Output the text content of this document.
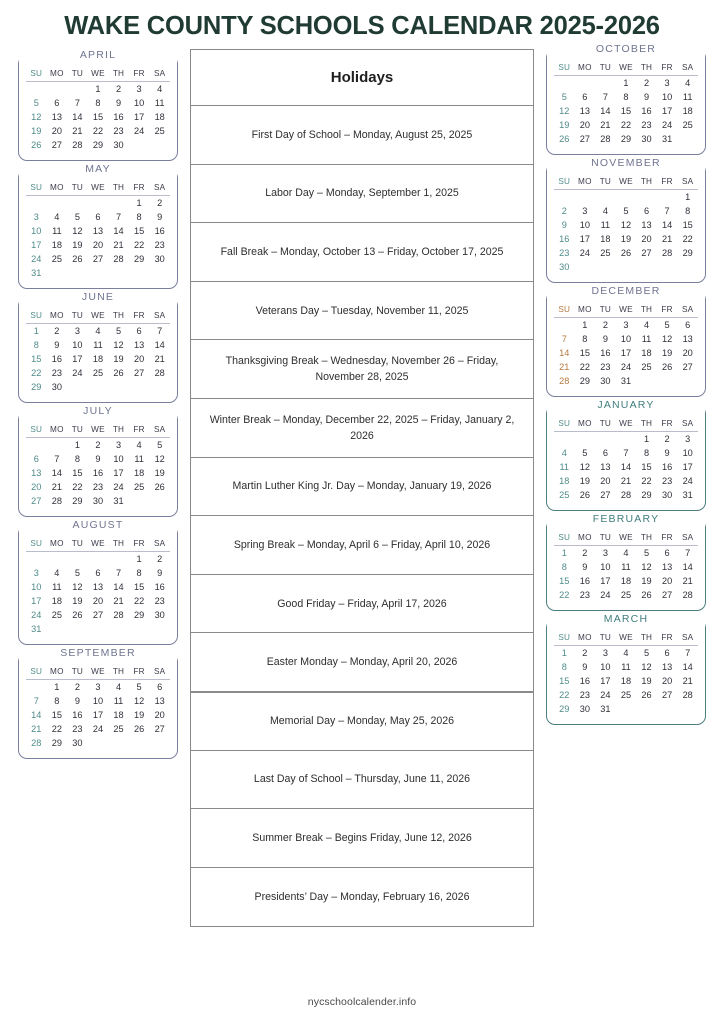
WAKE COUNTY SCHOOLS CALENDAR 2025-2026
APRIL
SU	MO	TU	WE	TH	FR	SA
			1	2	3	4
5	6	7	8	9	10	11
12	13	14	15	16	17	18
19	20	21	22	23	24	25
26	27	28	29	30		
MAY
SU	MO	TU	WE	TH	FR	SA
					1	2
3	4	5	6	7	8	9
10	11	12	13	14	15	16
17	18	19	20	21	22	23
24	25	26	27	28	29	30
31						
JUNE
SU	MO	TU	WE	TH	FR	SA
1	2	3	4	5	6	7
8	9	10	11	12	13	14
15	16	17	18	19	20	21
22	23	24	25	26	27	28
29	30					
JULY
SU	MO	TU	WE	TH	FR	SA
		1	2	3	4	5
6	7	8	9	10	11	12
13	14	15	16	17	18	19
20	21	22	23	24	25	26
27	28	29	30	31		
AUGUST
SU	MO	TU	WE	TH	FR	SA
					1	2
3	4	5	6	7	8	9
10	11	12	13	14	15	16
17	18	19	20	21	22	23
24	25	26	27	28	29	30
31						
SEPTEMBER
SU	MO	TU	WE	TH	FR	SA
	1	2	3	4	5	6
7	8	9	10	11	12	13
14	15	16	17	18	19	20
21	22	23	24	25	26	27
28	29	30				
Holidays
First Day of School – Monday, August 25, 2025
Labor Day – Monday, September 1, 2025
Fall Break – Monday, October 13 – Friday, October 17, 2025
Veterans Day – Tuesday, November 11, 2025
Thanksgiving Break – Wednesday, November 26 – Friday, November 28, 2025
Winter Break – Monday, December 22, 2025 – Friday, January 2, 2026
Martin Luther King Jr. Day – Monday, January 19, 2026
Spring Break – Monday, April 6 – Friday, April 10, 2026
Good Friday – Friday, April 17, 2026
Easter Monday – Monday, April 20, 2026
Memorial Day – Monday, May 25, 2026
Last Day of School – Thursday, June 11, 2026
Summer Break – Begins Friday, June 12, 2026
Presidents’ Day – Monday, February 16, 2026
OCTOBER
SU	MO	TU	WE	TH	FR	SA
			1	2	3	4
5	6	7	8	9	10	11
12	13	14	15	16	17	18
19	20	21	22	23	24	25
26	27	28	29	30	31	
NOVEMBER
SU	MO	TU	WE	TH	FR	SA
						1
2	3	4	5	6	7	8
9	10	11	12	13	14	15
16	17	18	19	20	21	22
23	24	25	26	27	28	29
30						
DECEMBER
SU	MO	TU	WE	TH	FR	SA
	1	2	3	4	5	6
7	8	9	10	11	12	13
14	15	16	17	18	19	20
21	22	23	24	25	26	27
28	29	30	31			
JANUARY
SU	MO	TU	WE	TH	FR	SA
				1	2	3
4	5	6	7	8	9	10
11	12	13	14	15	16	17
18	19	20	21	22	23	24
25	26	27	28	29	30	31
FEBRUARY
SU	MO	TU	WE	TH	FR	SA
1	2	3	4	5	6	7
8	9	10	11	12	13	14
15	16	17	18	19	20	21
22	23	24	25	26	27	28
MARCH
SU	MO	TU	WE	TH	FR	SA
1	2	3	4	5	6	7
8	9	10	11	12	13	14
15	16	17	18	19	20	21
22	23	24	25	26	27	28
29	30	31				
nycschoolcalender.info
